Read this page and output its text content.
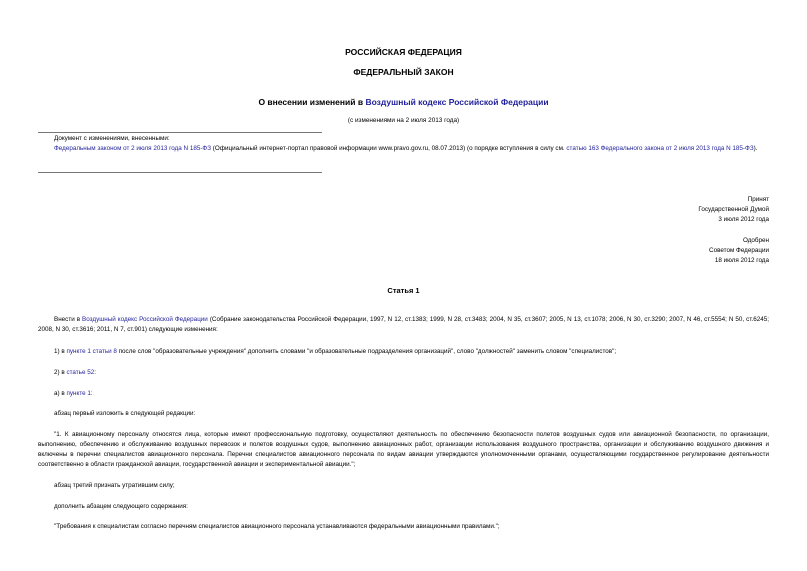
РОССИЙСКАЯ ФЕДЕРАЦИЯ
ФЕДЕРАЛЬНЫЙ ЗАКОН
О внесении изменений в Воздушный кодекс Российской Федерации
(с изменениями на 2 июля 2013 года)
Документ с изменениями, внесенными:
Федеральным законом от 2 июля 2013 года N 185-ФЗ (Официальный интернет-портал правовой информации www.pravo.gov.ru, 08.07.2013) (о порядке вступления в силу см. статью 163 Федерального закона от 2 июля 2013 года N 185-ФЗ).
Принят
Государственной Думой
3 июля 2012 года
Одобрен
Советом Федерации
18 июля 2012 года
Статья 1
Внести в Воздушный кодекс Российской Федерации (Собрание законодательства Российской Федерации, 1997, N 12, ст.1383; 1999, N 28, ст.3483; 2004, N 35, ст.3607; 2005, N 13, ст.1078; 2006, N 30, ст.3290; 2007, N 46, ст.5554; N 50, ст.6245; 2008, N 30, ст.3616; 2011, N 7, ст.901) следующие изменения:
1) в пункте 1 статьи 8 после слов "образовательные учреждения" дополнить словами "и образовательные подразделения организаций", слово "должностей" заменить словом "специалистов";
2) в статье 52:
а) в пункте 1:
абзац первый изложить в следующей редакции:
"1. К авиационному персоналу относятся лица, которые имеют профессиональную подготовку, осуществляют деятельность по обеспечению безопасности полетов воздушных судов или авиационной безопасности, по организации, выполнению, обеспечению и обслуживанию воздушных перевозок и полетов воздушных судов, выполнению авиационных работ, организации использования воздушного пространства, организации и обслуживанию воздушного движения и включены в перечни специалистов авиационного персонала. Перечни специалистов авиационного персонала по видам авиации утверждаются уполномоченными органами, осуществляющими государственное регулирование деятельности соответственно в области гражданской авиации, государственной авиации и экспериментальной авиации.";
абзац третий признать утратившим силу;
дополнить абзацем следующего содержания:
"Требования к специалистам согласно перечням специалистов авиационного персонала устанавливаются федеральными авиационными правилами.";
